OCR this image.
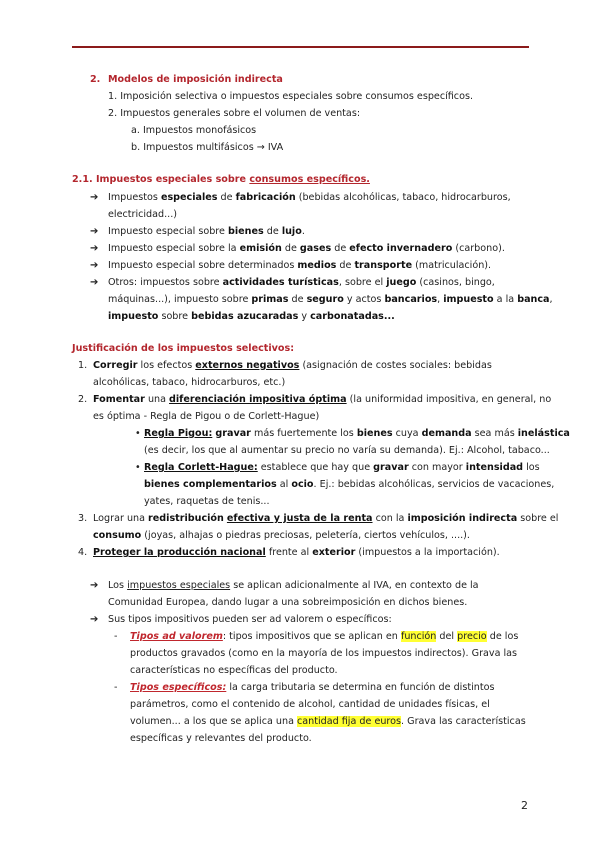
2. Modelos de imposición indirecta
1. Imposición selectiva o impuestos especiales sobre consumos específicos.
2. Impuestos generales sobre el volumen de ventas:
a. Impuestos monofásicos
b. Impuestos multifásicos → IVA
2.1. Impuestos especiales sobre consumos específicos.
➔ Impuestos especiales de fabricación (bebidas alcohólicas, tabaco, hidrocarburos,
electricidad...)
➔ Impuesto especial sobre bienes de lujo.
➔ Impuesto especial sobre la emisión de gases de efecto invernadero (carbono).
➔ Impuesto especial sobre determinados medios de transporte (matriculación).
➔ Otros: impuestos sobre actividades turísticas, sobre el juego (casinos, bingo,
máquinas...), impuesto sobre primas de seguro y actos bancarios, impuesto a la banca,
impuesto sobre bebidas azucaradas y carbonatadas...
Justificación de los impuestos selectivos:
1. Corregir los efectos externos negativos (asignación de costes sociales: bebidas
alcohólicas, tabaco, hidrocarburos, etc.)
2. Fomentar una diferenciación impositiva óptima (la uniformidad impositiva, en general, no
es óptima - Regla de Pigou o de Corlett-Hague)
• Regla Pigou: gravar más fuertemente los bienes cuya demanda sea más inelástica
(es decir, los que al aumentar su precio no varía su demanda). Ej.: Alcohol, tabaco...
• Regla Corlett-Hague: establece que hay que gravar con mayor intensidad los
bienes complementarios al ocio. Ej.: bebidas alcohólicas, servicios de vacaciones,
yates, raquetas de tenis...
3. Lograr una redistribución efectiva y justa de la renta con la imposición indirecta sobre el
consumo (joyas, alhajas o piedras preciosas, peletería, ciertos vehículos, ....).
4. Proteger la producción nacional frente al exterior (impuestos a la importación).
➔ Los impuestos especiales se aplican adicionalmente al IVA, en contexto de la
Comunidad Europea, dando lugar a una sobreimposición en dichos bienes.
➔ Sus tipos impositivos pueden ser ad valorem o específicos:
- Tipos ad valorem: tipos impositivos que se aplican en función del precio de los
productos gravados (como en la mayoría de los impuestos indirectos). Grava las
características no específicas del producto.
- Tipos específicos: la carga tributaria se determina en función de distintos
parámetros, como el contenido de alcohol, cantidad de unidades físicas, el
volumen... a los que se aplica una cantidad fija de euros. Grava las características
específicas y relevantes del producto.
2
